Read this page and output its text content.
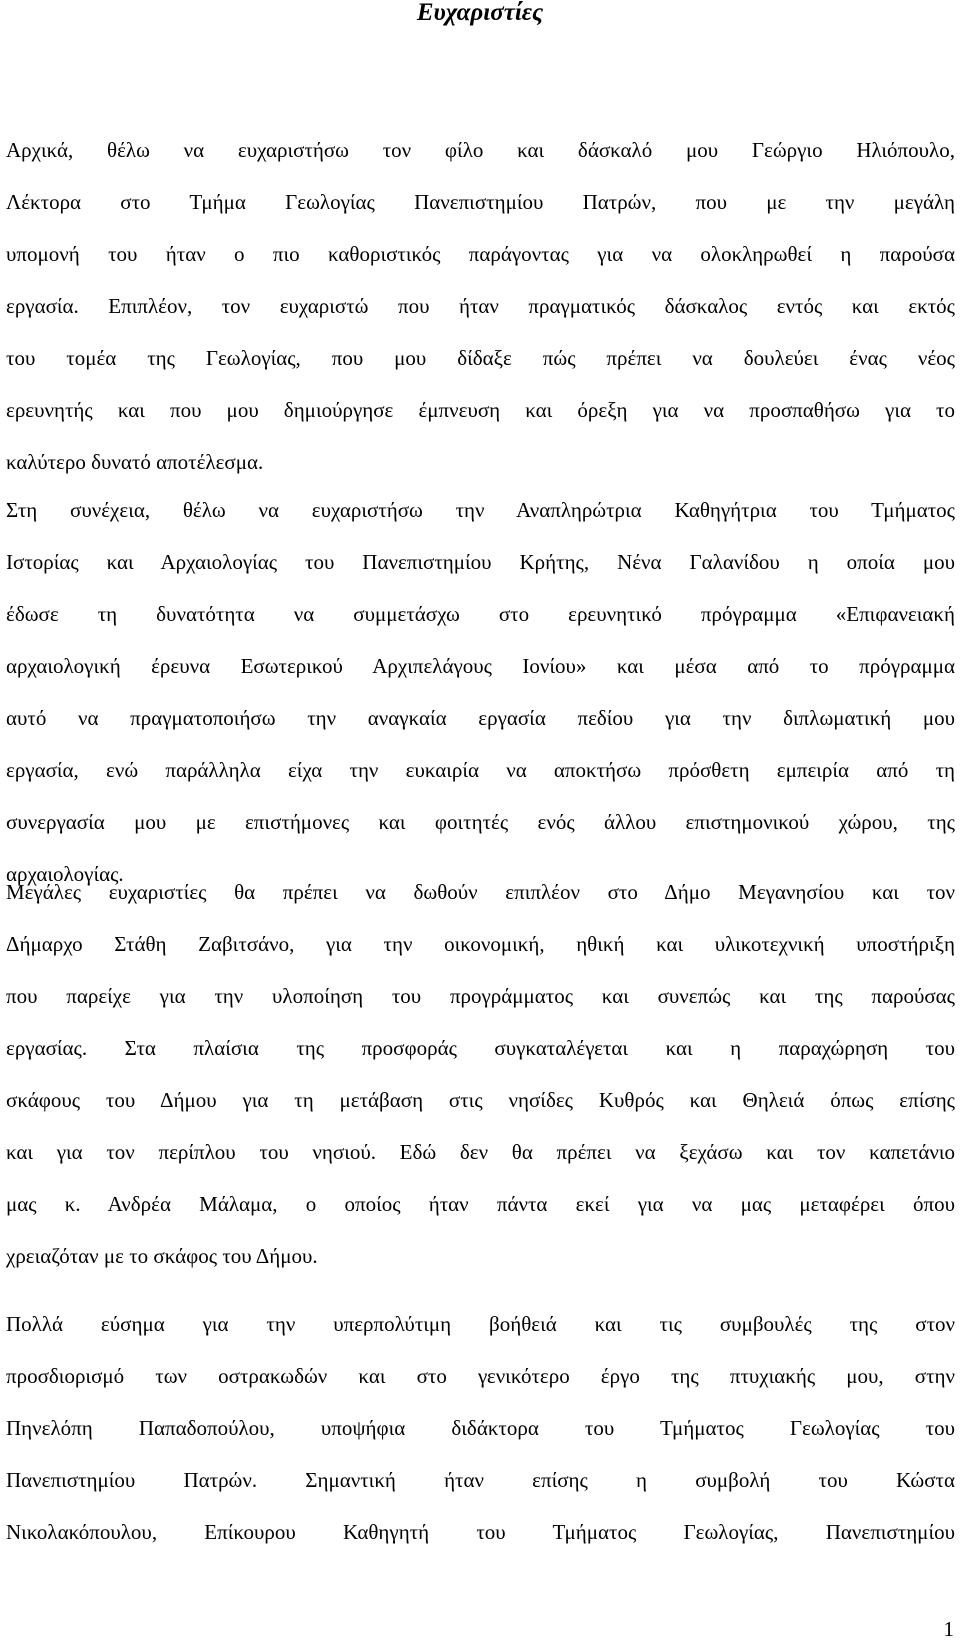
Ευχαριστίες

Αρχικά, θέλω να ευχαριστήσω τον φίλο και δάσκαλό μου Γεώργιο Ηλιόπουλο,
Λέκτορα στο Τμήμα Γεωλογίας Πανεπιστημίου Πατρών, που με την μεγάλη
υπομονή του ήταν ο πιο καθοριστικός παράγοντας για να ολοκληρωθεί η παρούσα
εργασία. Επιπλέον, τον ευχαριστώ που ήταν πραγματικός δάσκαλος εντός και εκτός
του τομέα της Γεωλογίας, που μου δίδαξε πώς πρέπει να δουλεύει ένας νέος
ερευνητής και που μου δημιούργησε έμπνευση και όρεξη για να προσπαθήσω για το
καλύτερο δυνατό αποτέλεσμα.

Στη συνέχεια, θέλω να ευχαριστήσω την Αναπληρώτρια Καθηγήτρια του Τμήματος
Ιστορίας και Αρχαιολογίας του Πανεπιστημίου Κρήτης, Νένα Γαλανίδου η οποία μου
έδωσε τη δυνατότητα να συμμετάσχω στο ερευνητικό πρόγραμμα «Επιφανειακή
αρχαιολογική έρευνα Εσωτερικού Αρχιπελάγους Ιονίου» και μέσα από το πρόγραμμα
αυτό να πραγματοποιήσω την αναγκαία εργασία πεδίου για την διπλωματική μου
εργασία, ενώ παράλληλα είχα την ευκαιρία να αποκτήσω πρόσθετη εμπειρία από τη
συνεργασία μου με επιστήμονες και φοιτητές ενός άλλου επιστημονικού χώρου, της
αρχαιολογίας.

Μεγάλες ευχαριστίες θα πρέπει να δωθούν επιπλέον στο Δήμο Μεγανησίου και τον
Δήμαρχο Στάθη Ζαβιτσάνο, για την οικονομική, ηθική και υλικοτεχνική υποστήριξη
που παρείχε για την υλοποίηση του προγράμματος και συνεπώς και της παρούσας
εργασίας. Στα πλαίσια της προσφοράς συγκαταλέγεται και η παραχώρηση του
σκάφους του Δήμου για τη μετάβαση στις νησίδες Κυθρός και Θηλειά όπως επίσης
και για τον περίπλου του νησιού. Εδώ δεν θα πρέπει να ξεχάσω και τον καπετάνιο
μας κ. Ανδρέα Μάλαμα, ο οποίος ήταν πάντα εκεί για να μας μεταφέρει όπου
χρειαζόταν με το σκάφος του Δήμου.

Πολλά εύσημα για την υπερπολύτιμη βοήθειά και τις συμβουλές της στον
προσδιορισμό των οστρακωδών και στο γενικότερο έργο της πτυχιακής μου, στην
Πηνελόπη Παπαδοπούλου, υποψήφια διδάκτορα του Τμήματος Γεωλογίας του
Πανεπιστημίου Πατρών. Σημαντική ήταν επίσης η συμβολή του Κώστα
Νικολακόπουλου, Επίκουρου Καθηγητή του Τμήματος Γεωλογίας, Πανεπιστημίου

1
